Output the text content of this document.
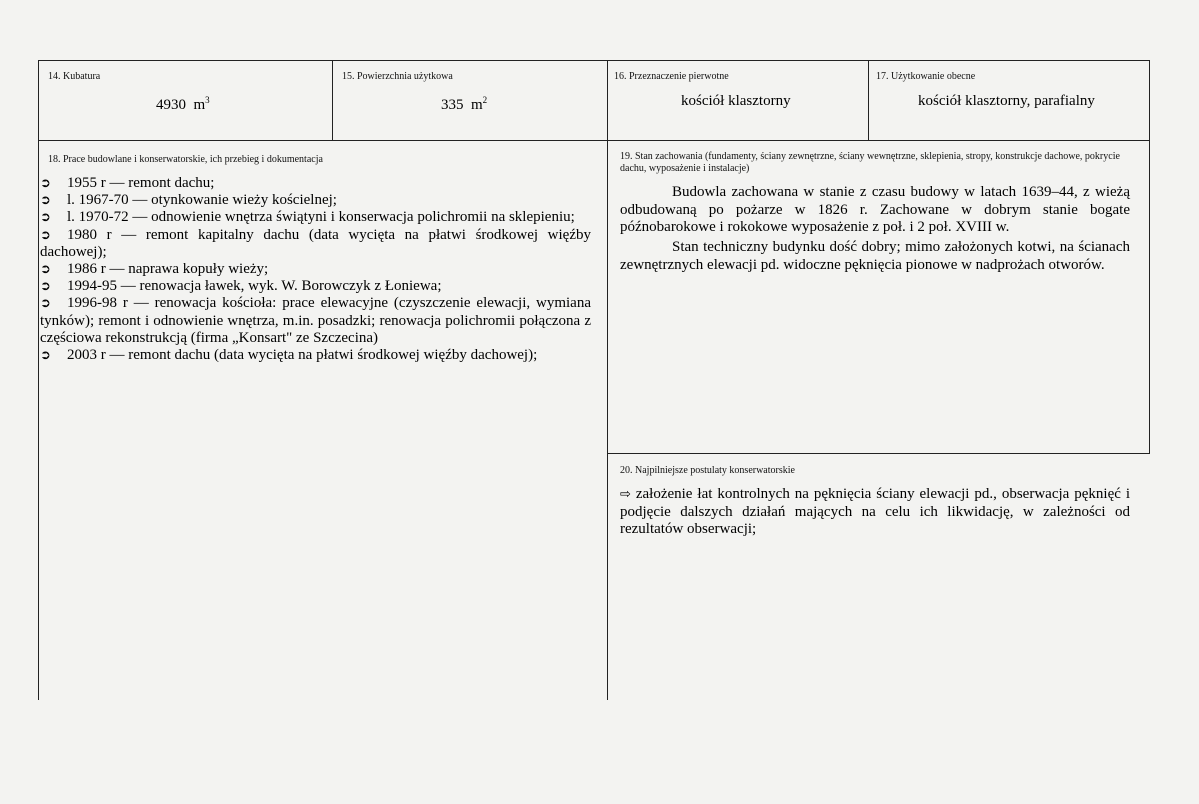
14. Kubatura
4930 $m^3$
15. Powierzchnia użytkowa
335 $m^2$
16. Przeznaczenie pierwotne
kościół klasztorny
17. Użytkowanie obecne
kościół klasztorny, parafialny
18. Prace budowlane i konserwatorskie, ich przebieg i dokumentacja
➲ 1955 r — remont dachu;
➲ l. 1967-70 — otynkowanie wieży kościelnej;
➲ l. 1970-72 — odnowienie wnętrza świątyni i konserwacja polichromii na sklepieniu;
➲ 1980 r — remont kapitalny dachu (data wycięta na płatwi środkowej więźby dachowej);
➲ 1986 r — naprawa kopuły wieży;
➲ 1994-95 — renowacja ławek, wyk. W. Borowczyk z Łoniewa;
➲ 1996-98 r — renowacja kościoła: prace elewacyjne (czyszczenie elewacji, wymiana tynków); remont i odnowienie wnętrza, m.in. posadzki; renowacja polichromii połączona z częściowa rekonstrukcją (firma „Konsart" ze Szczecina)
➲ 2003 r — remont dachu (data wycięta na płatwi środkowej więźby dachowej);
19. Stan zachowania (fundamenty, ściany zewnętrzne, ściany wewnętrzne, sklepienia, stropy, konstrukcje dachowe, pokrycie dachu, wyposażenie i instalacje)

Budowla zachowana w stanie z czasu budowy w latach 1639–44, z wieżą odbudowaną po pożarze w 1826 r. Zachowane w dobrym stanie bogate późnobarokowe i rokokowe wyposażenie z poł. i 2 poł. XVIII w.

Stan techniczny budynku dość dobry; mimo założonych kotwi, na ścianach zewnętrznych elewacji pd. widoczne pęknięcia pionowe w nadprożach otworów.

20. Najpilniejsze postulaty konserwatorskie

⇨ założenie łat kontrolnych na pęknięcia ściany elewacji pd., obserwacja pęknięć i podjęcie dalszych działań mających na celu ich likwidację, w zależności od rezultatów obserwacji;
